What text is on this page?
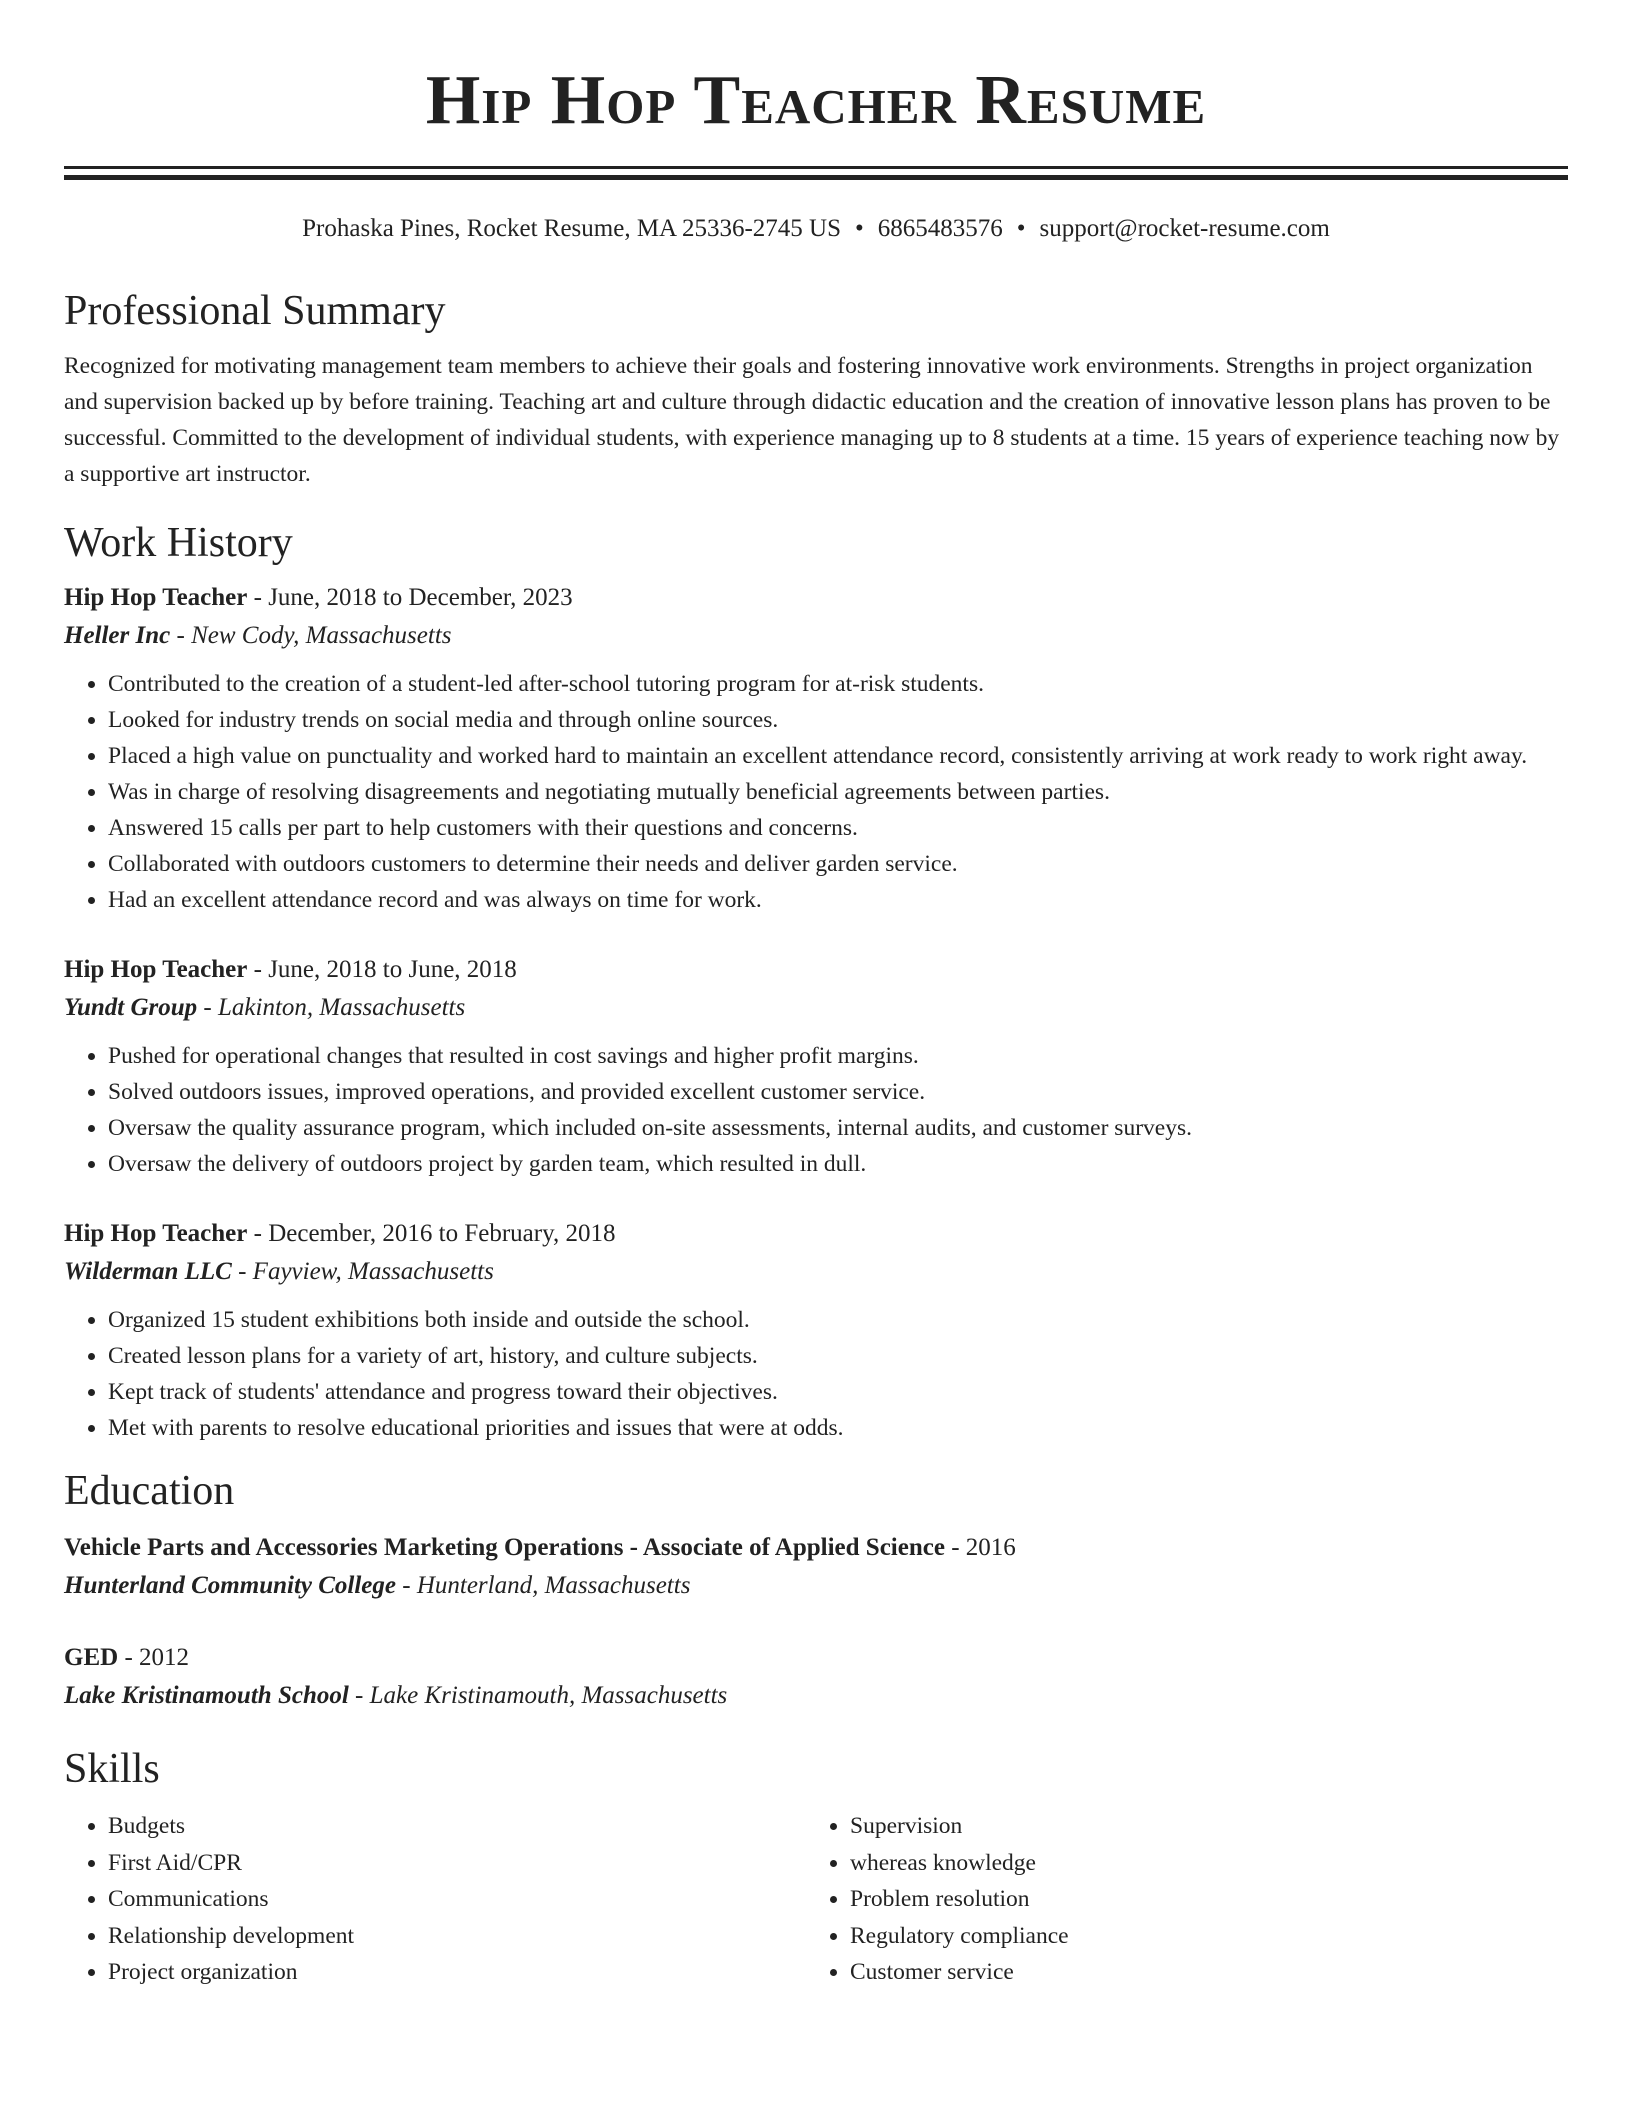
Hip Hop Teacher Resume
Prohaska Pines, Rocket Resume, MA 25336-2745 US • 6865483576 • support@rocket-resume.com
Professional Summary

Recognized for motivating management team members to achieve their goals and fostering innovative work environments. Strengths in project organization and supervision backed up by before training. Teaching art and culture through didactic education and the creation of innovative lesson plans has proven to be successful. Committed to the development of individual students, with experience managing up to 8 students at a time. 15 years of experience teaching now by a supportive art instructor.

Work History

Hip Hop Teacher - June, 2018 to December, 2023

Heller Inc - New Cody, Massachusetts

• Contributed to the creation of a student-led after-school tutoring program for at-risk students.
• Looked for industry trends on social media and through online sources.
• Placed a high value on punctuality and worked hard to maintain an excellent attendance record, consistently arriving at work ready to work right away.
• Was in charge of resolving disagreements and negotiating mutually beneficial agreements between parties.
• Answered 15 calls per part to help customers with their questions and concerns.
• Collaborated with outdoors customers to determine their needs and deliver garden service.
• Had an excellent attendance record and was always on time for work.

Hip Hop Teacher - June, 2018 to June, 2018

Yundt Group - Lakinton, Massachusetts

• Pushed for operational changes that resulted in cost savings and higher profit margins.
• Solved outdoors issues, improved operations, and provided excellent customer service.
• Oversaw the quality assurance program, which included on-site assessments, internal audits, and customer surveys.
• Oversaw the delivery of outdoors project by garden team, which resulted in dull.

Hip Hop Teacher - December, 2016 to February, 2018

Wilderman LLC - Fayview, Massachusetts

• Organized 15 student exhibitions both inside and outside the school.
• Created lesson plans for a variety of art, history, and culture subjects.
• Kept track of students' attendance and progress toward their objectives.
• Met with parents to resolve educational priorities and issues that were at odds.
Education

Vehicle Parts and Accessories Marketing Operations - Associate of Applied Science - 2016

Hunterland Community College - Hunterland, Massachusetts

GED - 2012

Lake Kristinamouth School - Lake Kristinamouth, Massachusetts

Skills
• Budgets
• First Aid/CPR
• Communications
• Relationship development
• Project organization
• Supervision
• whereas knowledge
• Problem resolution
• Regulatory compliance
• Customer service
